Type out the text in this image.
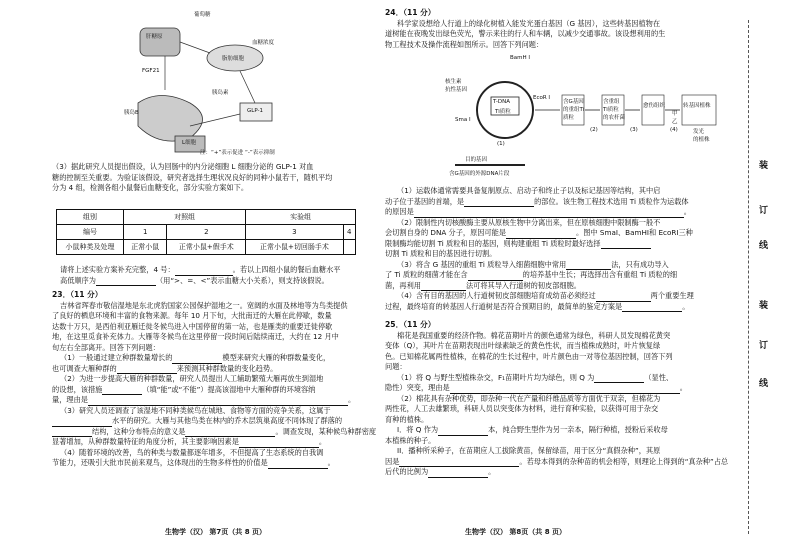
葡萄糖
肝糖原
FGF21
胰岛素
脂肪细胞
胰岛B
L细胞
GLP-1
血糖浓度
注：“+”表示促进 “-”表示抑制

（3）据此研究人员提出假设，认为回肠中的内分泌细胞 L 细胞分泌的 GLP-1 对血

糖的控制至关重要。为验证该假设，研究者选择生理状况良好的同种小鼠若干，随机平均

分为 4 组，检测各组小鼠餐后血糖变化，部分实验方案如下。

组别	对照组		实验组	
编号	1	2	3	4
小鼠种类及处理	正常小鼠	正常小鼠+假手术	正常小鼠+切回肠手术	

请将上述实验方案补充完整，4 号：	。若以上四组小鼠的餐后血糖水平

高低顺序为	（用“>、=、<”表示血糖大小关系），则支持该假说。

23．（11 分）

吉林省珲春市敬信湿地是东北虎豹国家公园保护湿地之一。宽阔的水面及林地等为鸟类提供

了良好的栖息环境和丰富的食物来源。每年 10 月下旬，大批南迁的大雁在此停歇，数量

达数十万只，是西伯利亚雁迁徙冬候鸟进入中国停留的第一站，也是雁类的重要迁徙停歇

地，在这里觅食补充体力。大雁等冬候鸟在这里停留一段时间后陆续南迁，大约在 12 月中

旬左右全部离开。回答下列问题：

（1）一般通过建立种群数量增长的	模型来研究大雁的种群数量变化，

也可调查大雁种群的	来预测其种群数量的变化趋势。

（2）为进一步提高大雁的种群数量，研究人员提出人工辅助繁殖大雁再放生到湿地

的设想，该措施	（填“能”或“不能”）提高该湿地中大雁种群的环境容纳

量，理由是	。

（3）研究人员还调查了该湿地不同种类候鸟在城地、食物等方面的竞争关系，这属于

水平的研究。大雁与其他鸟类在林内的乔木层筑巢高度不同体现了群落的

结构，这种分布特点的意义是	。调查发现，某种候鸟种群密度

显著增加，从种群数量特征的角度分析，其主要影响因素是	。

（4）随着环境的改善，鸟的种类与数量都逐年增多，不但提高了生态系统的自我调

节能力，还吸引大批市民前来观鸟，这体现出的生物多样性的价值是	。

生物学（汉） 第7页（共 8 页）

24．（11 分）

科学家设想给人行道上的绿化树植入能发光蛋白基因（G 基因），这些转基因植物在

道树能在夜晚发出绿色荧光，警示来往的行人和车辆，以减少交通事故。该设想利用的生

物工程技术及操作流程如图所示。回答下列问题：

BamH I
核生素
抗性基因
T-DNA
Ti质粒
EcoR I
Sma I
含G基因
的重组Ti
质粒
含重组
Ti质粒
的农杆菌
愈伤组织	转基因植株
(1)
(2)	(3)	(4)
目的基因
含G基因的外源DNA片段
甲
乙
发光
的植株

（1）运载体通常需要具备复制原点、启动子和终止子以及标记基因等结构，其中启

动子位于基因的首端，是	的部位。该生物工程技术选用 Ti 质粒作为运载体

的原因是	。

（2）限制性内切核酸酶主要从原核生物中分离出来，但在原核细胞中限制酶一般不

会切割自身的 DNA 分子，原因可能是	。图中 SmaI、BamHI和 EcoRI三种

限制酶均能切割 Ti 质粒和目的基因，则构建重组 Ti 质粒时最好选择

切割 Ti 质粒和目的基因进行切割。

（3）将含 G 基因的重组 Ti 质粒导入细菌细胞中常用	法，只有成功导入

了 Ti 质粒的细菌才能在含	的培养基中生长；再选择出含有重组 Ti 质粒的细

菌，再利用	法可将其导入行道树的韧皮部细胞。

（4）含有目的基因的人行道树韧皮部细胞培育成幼苗必须经过	两个重要生理

过程，最终培育的转基因人行道树是否符合预期目的，最简单的鉴定方案是	。

25．（11 分）

棉花是我国重要的经济作物。棉花苗期叶片的颜色通常为绿色，科研人员发现棉花黄突

变体（Q），其叶片在苗期表现出叶绿素缺乏的黄色性状，而当植株成熟时，叶片恢复绿

色。已知棉花属两性植株，在棉花的生长过程中，叶片颜色由一对等位基因控制，回答下列

问题：

（1）将 Q 与野生型植株杂交，F₁苗期叶片均为绿色，则 Q 为	（显性、

隐性）突变，理由是	。

（2）棉花具有杂种优势，即杂种一代在产量和纤维品质等方面优于双亲，但棉花为

两性花，人工去雄繁琐，科研人员以突变体为材料，进行育种实验，以获得可用于杂交

育种的植株。

I．将 Q 作为	本，纯合野生型作为另一亲本，隔行种植，授粉后采收母

本植株的种子。

II．播种所采种子，在苗期应人工拔除黄苗，保留绿苗，用于区分“真假杂种”，其原

因是	。若母本得到的杂种苗的机会相等，则理论上得到的“真杂种”占总

后代的比例为	。

生物学（汉） 第8页（共 8 页）
装
订
线
装
订
线
